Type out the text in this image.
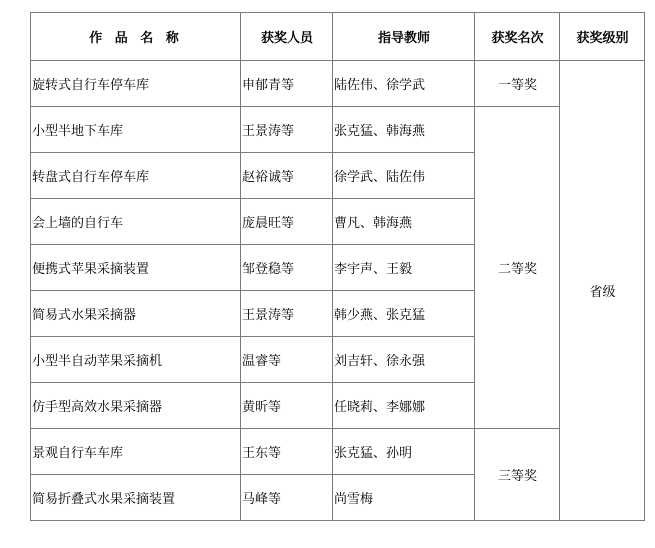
作 品 名 称	获奖人员	指导教师	获奖名次	获奖级别
旋转式自行车停车库	申郁青等	陆佐伟、徐学武	一等奖	省级
小型半地下车库	王景涛等	张克猛、韩海燕	二等奖	
转盘式自行车停车库	赵裕诚等	徐学武、陆佐伟		
会上墙的自行车	庞晨旺等	曹凡、韩海燕		
便携式苹果采摘装置	邹登稳等	李宇声、王毅		
简易式水果采摘器	王景涛等	韩少燕、张克猛		
小型半自动苹果采摘机	温睿等	刘吉轩、徐永强		
仿手型高效水果采摘器	黄昕等	任晓莉、李娜娜		
景观自行车车库	王东等	张克猛、孙明	三等奖	
简易折叠式水果采摘装置	马峰等	尚雪梅		
